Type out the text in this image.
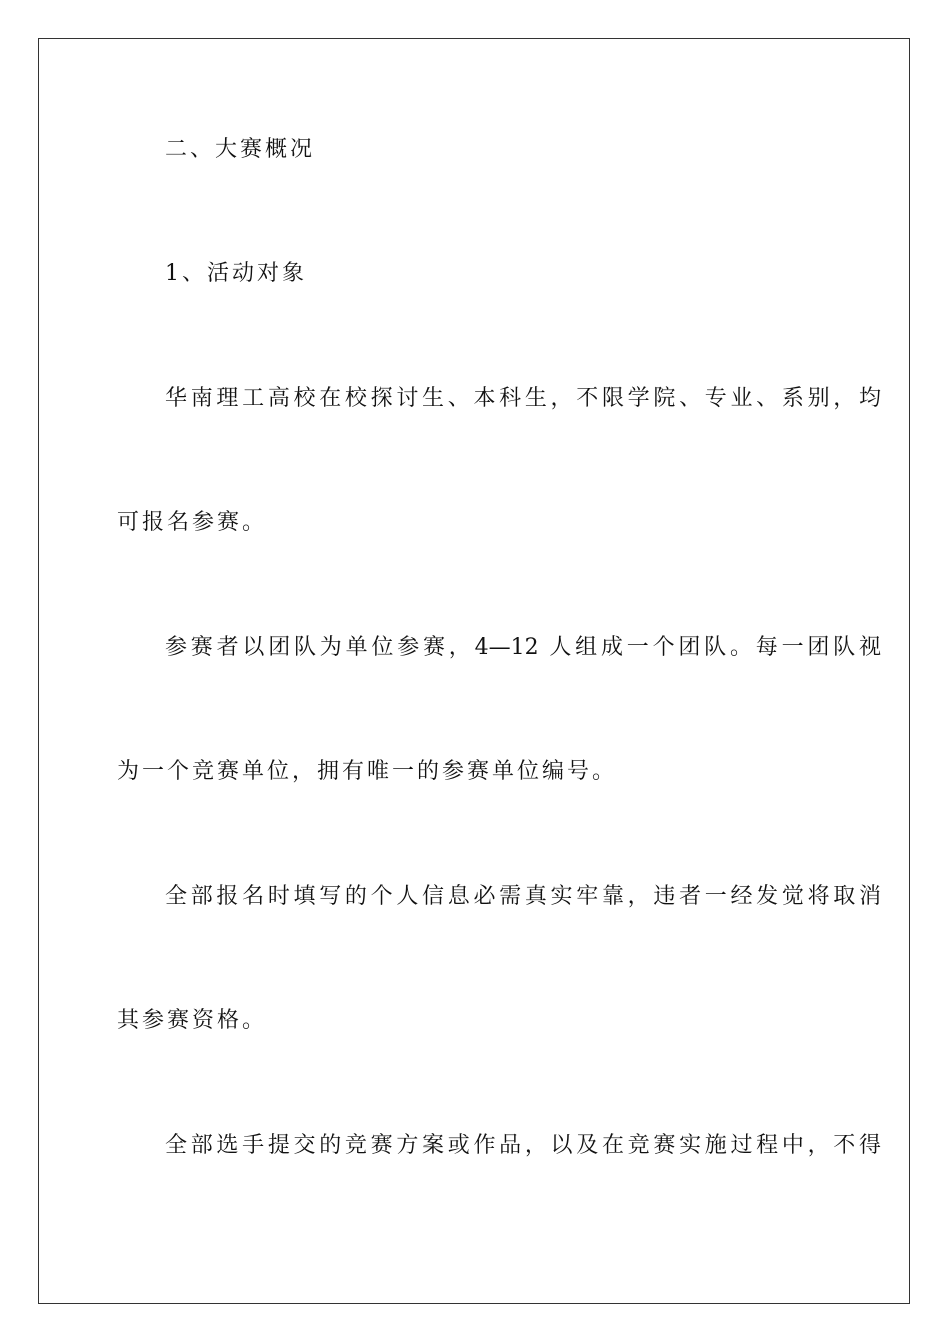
二、大赛概况
1、活动对象
华南理工高校在校探讨生、本科生，不限学院、专业、系别，均
可报名参赛。
参赛者以团队为单位参赛，4—12 人组成一个团队。每一团队视
为一个竞赛单位，拥有唯一的参赛单位编号。
全部报名时填写的个人信息必需真实牢靠，违者一经发觉将取消
其参赛资格。
全部选手提交的竞赛方案或作品，以及在竞赛实施过程中，不得
